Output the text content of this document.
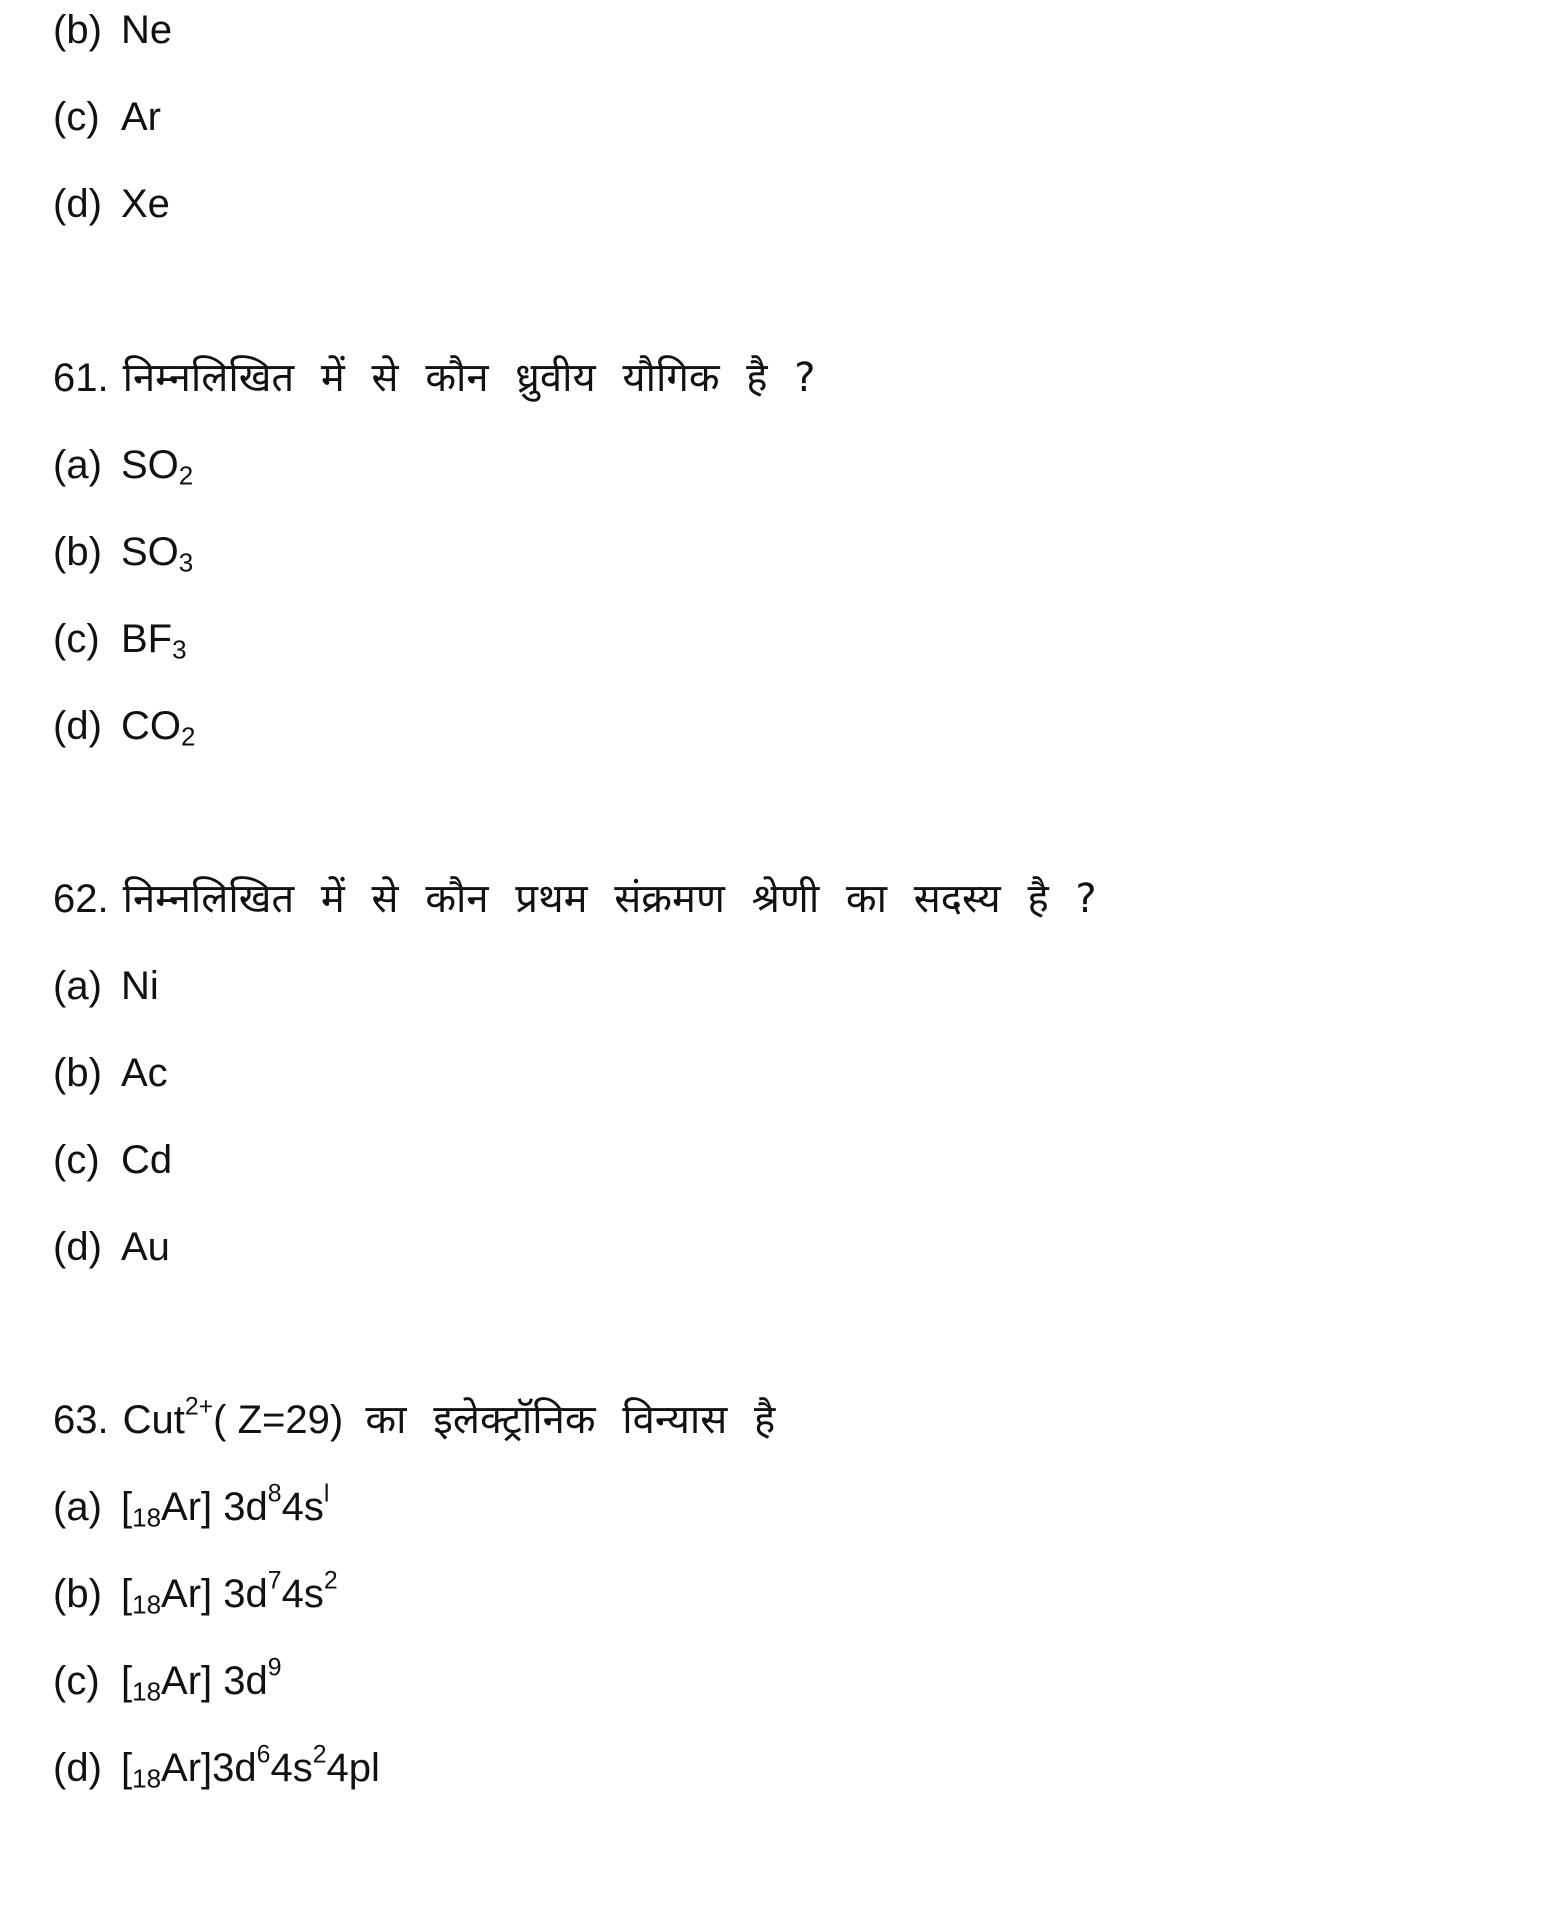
(b) Ne
(c) Ar
(d) Xe
61. निम्नलिखित में से कौन ध्रुवीय यौगिक है ?
(a) $SO_2$
(b) $SO_3$
(c) $BF_3$
(d) $CO_2$
62. निम्नलिखित में से कौन प्रथम संक्रमण श्रेणी का सदस्य है ?
(a) Ni
(b) Ac
(c) Cd
(d) Au
63. Cut$^{2+}$( Z=29) का इलेक्ट्रॉनिक विन्यास है
(a) [18Ar] $3d^84s^l$
(b) [18Ar] $3d^74s^2$
(c) [18Ar] $3d^9$
(d) $[18Ar]3d^64s^24pl$
